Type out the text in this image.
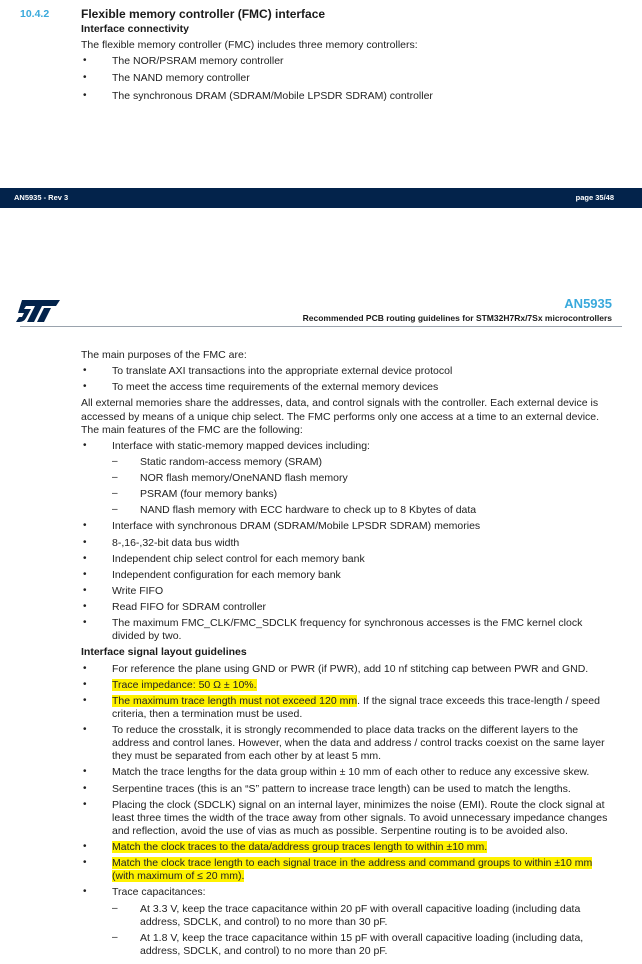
10.4.2	Flexible memory controller (FMC) interface
Interface connectivity
The flexible memory controller (FMC) includes three memory controllers:
• The NOR/PSRAM memory controller
• The NAND memory controller
• The synchronous DRAM (SDRAM/Mobile LPSDR SDRAM) controller
AN5935 - Rev 3	page 35/48
AN5935
Recommended PCB routing guidelines for STM32H7Rx/7Sx microcontrollers
The main purposes of the FMC are:
• To translate AXI transactions into the appropriate external device protocol
• To meet the access time requirements of the external memory devices
All external memories share the addresses, data, and control signals with the controller. Each external device is accessed by means of a unique chip select. The FMC performs only one access at a time to an external device.
The main features of the FMC are the following:
• Interface with static-memory mapped devices including:
– Static random-access memory (SRAM)
– NOR flash memory/OneNAND flash memory
– PSRAM (four memory banks)
– NAND flash memory with ECC hardware to check up to 8 Kbytes of data
• Interface with synchronous DRAM (SDRAM/Mobile LPSDR SDRAM) memories
• 8-,16-,32-bit data bus width
• Independent chip select control for each memory bank
• Independent configuration for each memory bank
• Write FIFO
• Read FIFO for SDRAM controller
• The maximum FMC_CLK/FMC_SDCLK frequency for synchronous accesses is the FMC kernel clock divided by two.
Interface signal layout guidelines
• For reference the plane using GND or PWR (if PWR), add 10 nf stitching cap between PWR and GND.
• Trace impedance: 50 Ω ± 10%.
• The maximum trace length must not exceed 120 mm. If the signal trace exceeds this trace-length / speed criteria, then a termination must be used.
• To reduce the crosstalk, it is strongly recommended to place data tracks on the different layers to the address and control lanes. However, when the data and address / control tracks coexist on the same layer they must be separated from each other by at least 5 mm.
• Match the trace lengths for the data group within ± 10 mm of each other to reduce any excessive skew.
• Serpentine traces (this is an “S” pattern to increase trace length) can be used to match the lengths.
• Placing the clock (SDCLK) signal on an internal layer, minimizes the noise (EMI). Route the clock signal at least three times the width of the trace away from other signals. To avoid unnecessary impedance changes and reflection, avoid the use of vias as much as possible. Serpentine routing is to be avoided also.
• Match the clock traces to the data/address group traces length to within ±10 mm.
• Match the clock trace length to each signal trace in the address and command groups to within ±10 mm (with maximum of ≤ 20 mm).
• Trace capacitances:
– At 3.3 V, keep the trace capacitance within 20 pF with overall capacitive loading (including data address, SDCLK, and control) to no more than 30 pF.
– At 1.8 V, keep the trace capacitance within 15 pF with overall capacitive loading (including data, address, SDCLK, and control) to no more than 20 pF.
